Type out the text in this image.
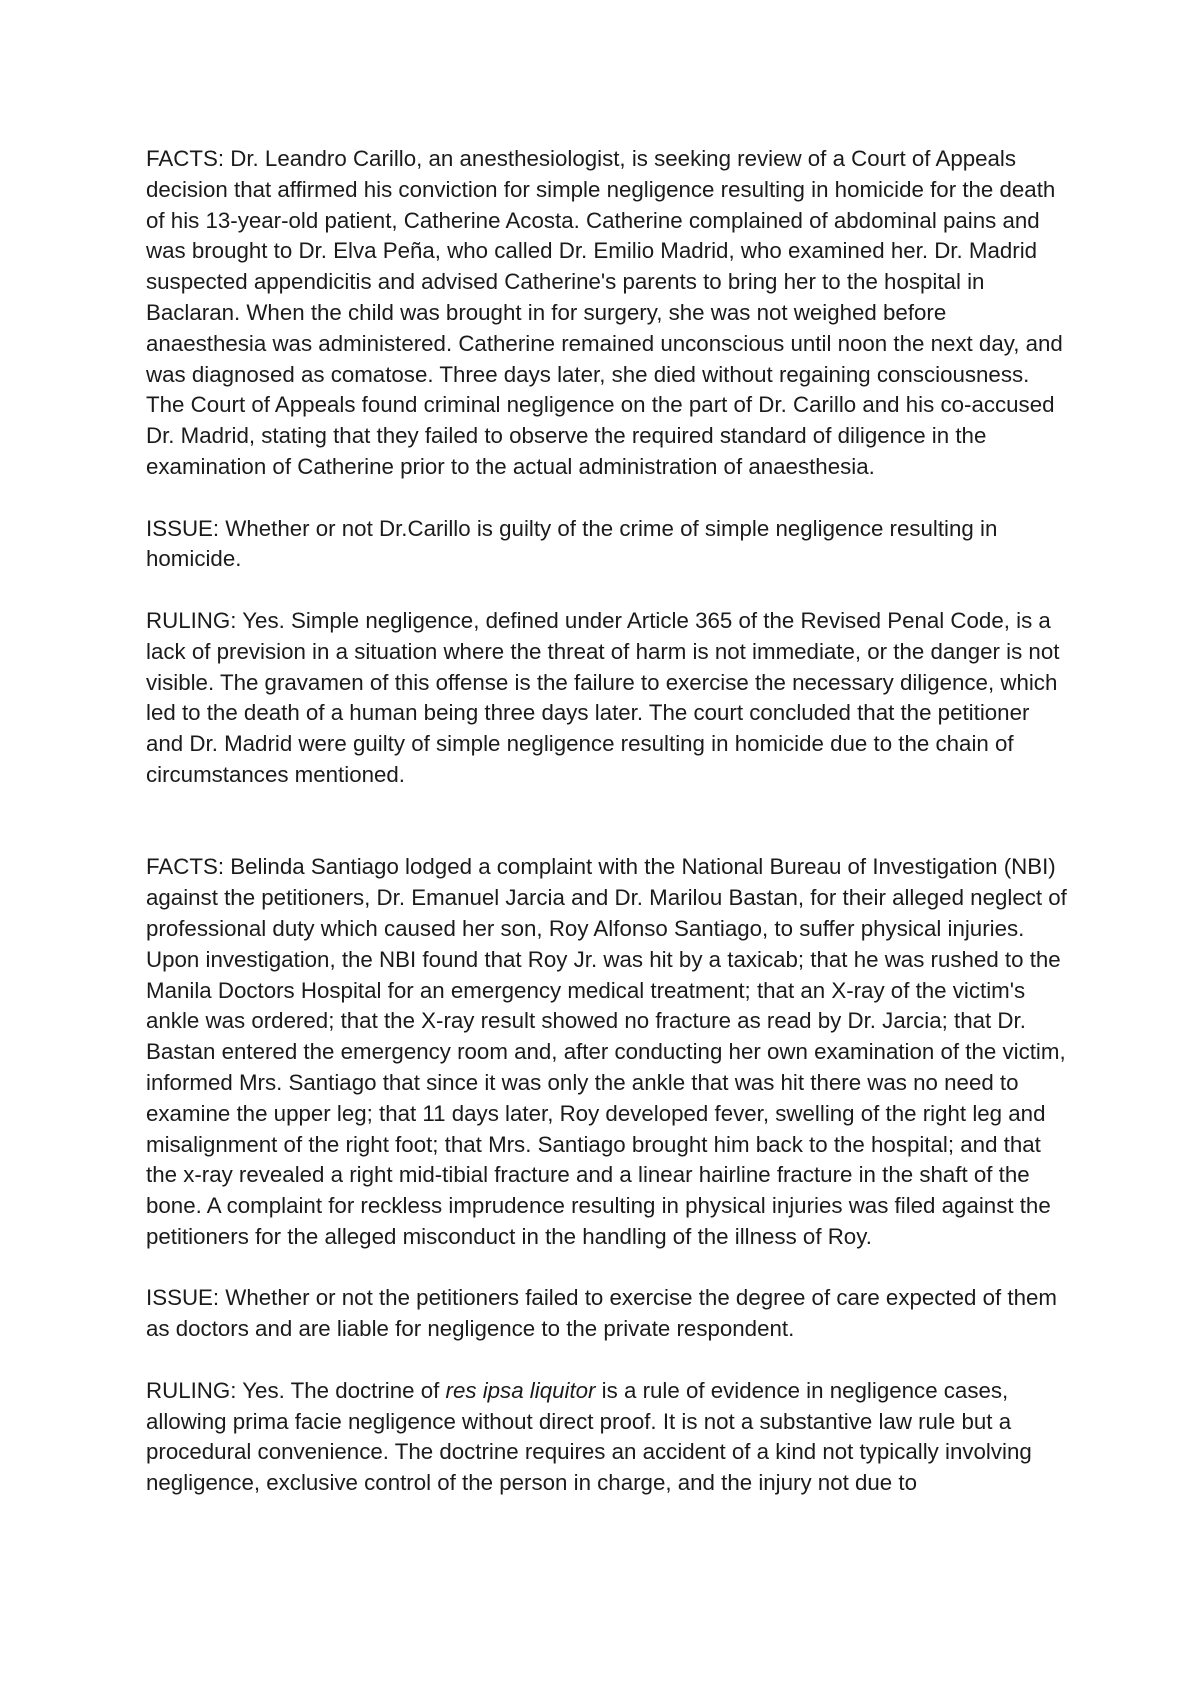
FACTS: Dr. Leandro Carillo, an anesthesiologist, is seeking review of a Court of Appeals decision that affirmed his conviction for simple negligence resulting in homicide for the death of his 13-year-old patient, Catherine Acosta. Catherine complained of abdominal pains and was brought to Dr. Elva Peña, who called Dr. Emilio Madrid, who examined her. Dr. Madrid suspected appendicitis and advised Catherine's parents to bring her to the hospital in Baclaran. When the child was brought in for surgery, she was not weighed before anaesthesia was administered. Catherine remained unconscious until noon the next day, and was diagnosed as comatose. Three days later, she died without regaining consciousness. The Court of Appeals found criminal negligence on the part of Dr. Carillo and his co-accused Dr. Madrid, stating that they failed to observe the required standard of diligence in the examination of Catherine prior to the actual administration of anaesthesia.

ISSUE: Whether or not Dr.Carillo is guilty of the crime of simple negligence resulting in homicide.

RULING: Yes. Simple negligence, defined under Article 365 of the Revised Penal Code, is a lack of prevision in a situation where the threat of harm is not immediate, or the danger is not visible. The gravamen of this offense is the failure to exercise the necessary diligence, which led to the death of a human being three days later. The court concluded that the petitioner and Dr. Madrid were guilty of simple negligence resulting in homicide due to the chain of circumstances mentioned.

FACTS: Belinda Santiago lodged a complaint with the National Bureau of Investigation (NBI) against the petitioners, Dr. Emanuel Jarcia and Dr. Marilou Bastan, for their alleged neglect of professional duty which caused her son, Roy Alfonso Santiago, to suffer physical injuries. Upon investigation, the NBI found that Roy Jr. was hit by a taxicab; that he was rushed to the Manila Doctors Hospital for an emergency medical treatment; that an X-ray of the victim's ankle was ordered; that the X-ray result showed no fracture as read by Dr. Jarcia; that Dr. Bastan entered the emergency room and, after conducting her own examination of the victim, informed Mrs. Santiago that since it was only the ankle that was hit there was no need to examine the upper leg; that 11 days later, Roy developed fever, swelling of the right leg and misalignment of the right foot; that Mrs. Santiago brought him back to the hospital; and that the x-ray revealed a right mid-tibial fracture and a linear hairline fracture in the shaft of the bone. A complaint for reckless imprudence resulting in physical injuries was filed against the petitioners for the alleged misconduct in the handling of the illness of Roy.

ISSUE: Whether or not the petitioners failed to exercise the degree of care expected of them as doctors and are liable for negligence to the private respondent.

RULING: Yes. The doctrine of res ipsa liquitor is a rule of evidence in negligence cases, allowing prima facie negligence without direct proof. It is not a substantive law rule but a procedural convenience. The doctrine requires an accident of a kind not typically involving negligence, exclusive control of the person in charge, and the injury not due to
